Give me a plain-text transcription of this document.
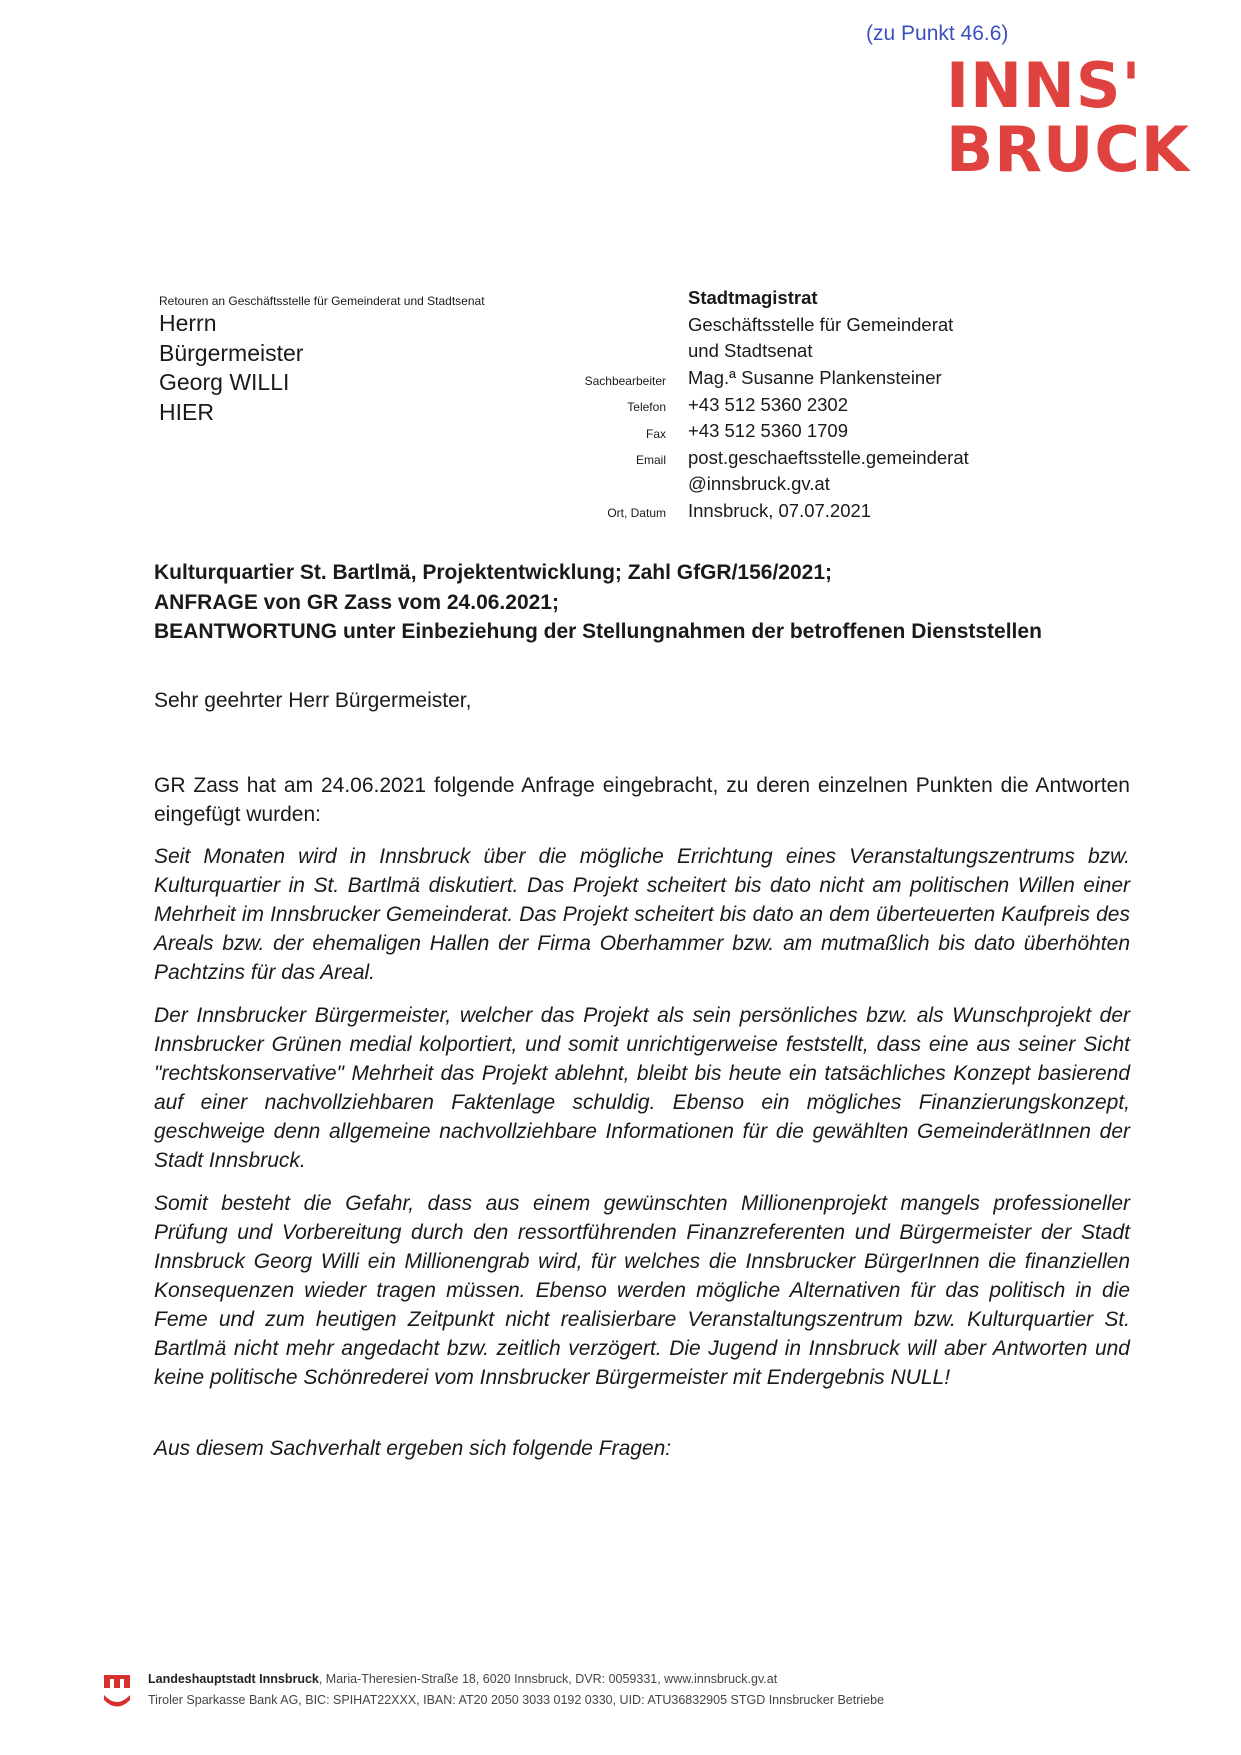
(zu Punkt 46.6)
INNS'
BRUCK
Retouren an Geschäftsstelle für Gemeinderat und Stadtsenat
Herrn
Bürgermeister
Georg WILLI
HIER
Stadtmagistrat
Geschäftsstelle für Gemeinderat
und Stadtsenat
Sachbearbeiter Mag.ª Susanne Plankensteiner
Telefon +43 512 5360 2302
Fax +43 512 5360 1709
Email post.geschaeftsstelle.gemeinderat
@innsbruck.gv.at
Ort, Datum Innsbruck, 07.07.2021
Kulturquartier St. Bartlmä, Projektentwicklung; Zahl GfGR/156/2021;
ANFRAGE von GR Zass vom 24.06.2021;
BEANTWORTUNG unter Einbeziehung der Stellungnahmen der betroffenen Dienststellen
Sehr geehrter Herr Bürgermeister,
GR Zass hat am 24.06.2021 folgende Anfrage eingebracht, zu deren einzelnen Punkten die Antworten eingefügt wurden:
Seit Monaten wird in Innsbruck über die mögliche Errichtung eines Veranstaltungszentrums bzw. Kulturquartier in St. Bartlmä diskutiert. Das Projekt scheitert bis dato nicht am politischen Willen einer Mehrheit im Innsbrucker Gemeinderat. Das Projekt scheitert bis dato an dem überteuerten Kaufpreis des Areals bzw. der ehemaligen Hallen der Firma Oberhammer bzw. am mutmaßlich bis dato überhöhten Pachtzins für das Areal.
Der Innsbrucker Bürgermeister, welcher das Projekt als sein persönliches bzw. als Wunschprojekt der Innsbrucker Grünen medial kolportiert, und somit unrichtigerweise feststellt, dass eine aus seiner Sicht "rechtskonservative" Mehrheit das Projekt ablehnt, bleibt bis heute ein tatsächliches Konzept basierend auf einer nachvollziehbaren Faktenlage schuldig. Ebenso ein mögliches Finanzierungskonzept, geschweige denn allgemeine nachvollziehbare Informationen für die gewählten GemeinderätInnen der Stadt Innsbruck.
Somit besteht die Gefahr, dass aus einem gewünschten Millionenprojekt mangels professioneller Prüfung und Vorbereitung durch den ressortführenden Finanzreferenten und Bürgermeister der Stadt Innsbruck Georg Willi ein Millionengrab wird, für welches die Innsbrucker BürgerInnen die finanziellen Konsequenzen wieder tragen müssen. Ebenso werden mögliche Alternativen für das politisch in die Feme und zum heutigen Zeitpunkt nicht realisierbare Veranstaltungszentrum bzw. Kulturquartier St. Bartlmä nicht mehr angedacht bzw. zeitlich verzögert. Die Jugend in Innsbruck will aber Antworten und keine politische Schönrederei vom Innsbrucker Bürgermeister mit Endergebnis NULL!
Aus diesem Sachverhalt ergeben sich folgende Fragen:
Landeshauptstadt Innsbruck, Maria-Theresien-Straße 18, 6020 Innsbruck, DVR: 0059331, www.innsbruck.gv.at
Tiroler Sparkasse Bank AG, BIC: SPIHAT22XXX, IBAN: AT20 2050 3033 0192 0330, UID: ATU36832905 STGD Innsbrucker Betriebe
